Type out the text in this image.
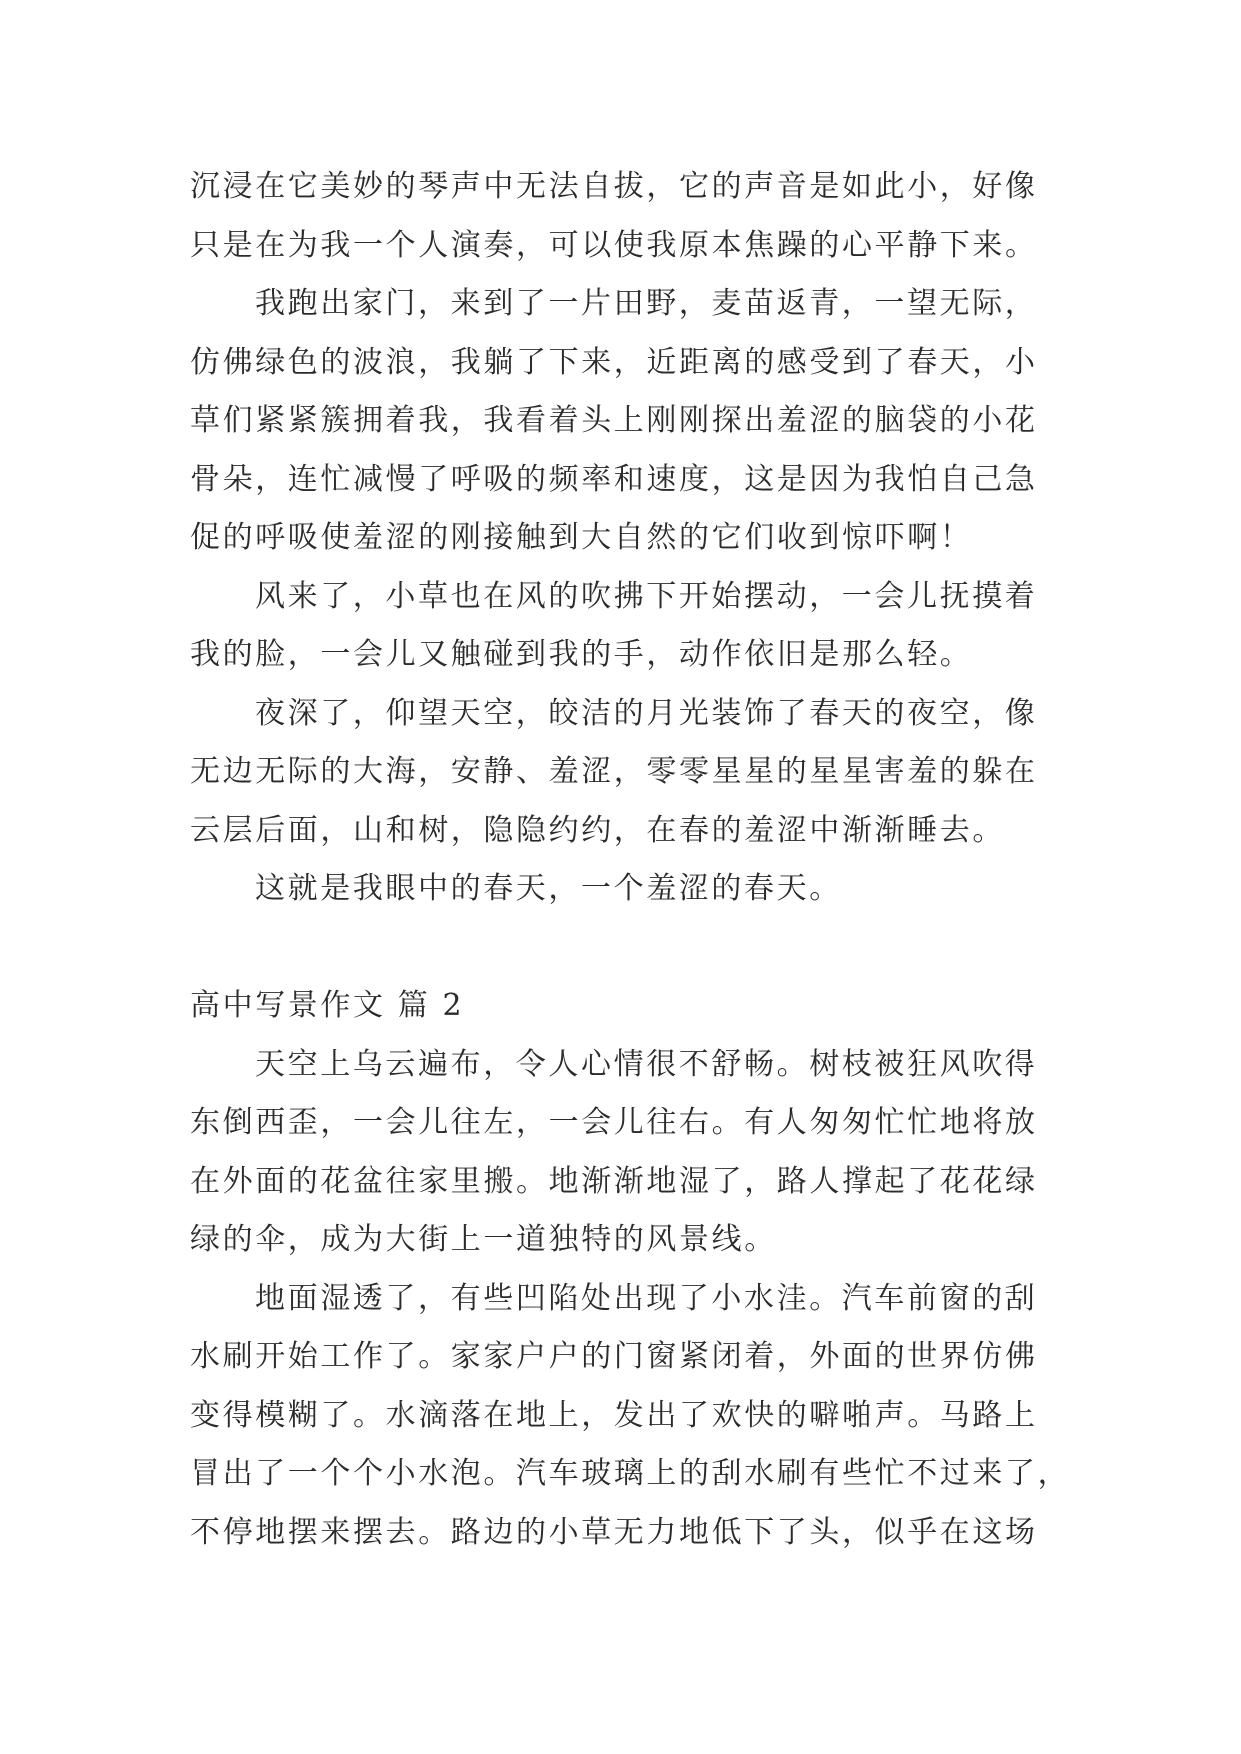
沉浸在它美妙的琴声中无法自拔，它的声音是如此小，好像
只是在为我一个人演奏，可以使我原本焦躁的心平静下来。
我跑出家门，来到了一片田野，麦苗返青，一望无际，
仿佛绿色的波浪，我躺了下来，近距离的感受到了春天，小
草们紧紧簇拥着我，我看着头上刚刚探出羞涩的脑袋的小花
骨朵，连忙减慢了呼吸的频率和速度，这是因为我怕自己急
促的呼吸使羞涩的刚接触到大自然的它们收到惊吓啊！
风来了，小草也在风的吹拂下开始摆动，一会儿抚摸着
我的脸，一会儿又触碰到我的手，动作依旧是那么轻。
夜深了，仰望天空，皎洁的月光装饰了春天的夜空，像
无边无际的大海，安静、羞涩，零零星星的星星害羞的躲在
云层后面，山和树，隐隐约约，在春的羞涩中渐渐睡去。
这就是我眼中的春天，一个羞涩的春天。
高中写景作文 篇 2
天空上乌云遍布，令人心情很不舒畅。树枝被狂风吹得
东倒西歪，一会儿往左，一会儿往右。有人匆匆忙忙地将放
在外面的花盆往家里搬。地渐渐地湿了，路人撑起了花花绿
绿的伞，成为大街上一道独特的风景线。
地面湿透了，有些凹陷处出现了小水洼。汽车前窗的刮
水刷开始工作了。家家户户的门窗紧闭着，外面的世界仿佛
变得模糊了。水滴落在地上，发出了欢快的噼啪声。马路上
冒出了一个个小水泡。汽车玻璃上的刮水刷有些忙不过来了，
不停地摆来摆去。路边的小草无力地低下了头，似乎在这场
